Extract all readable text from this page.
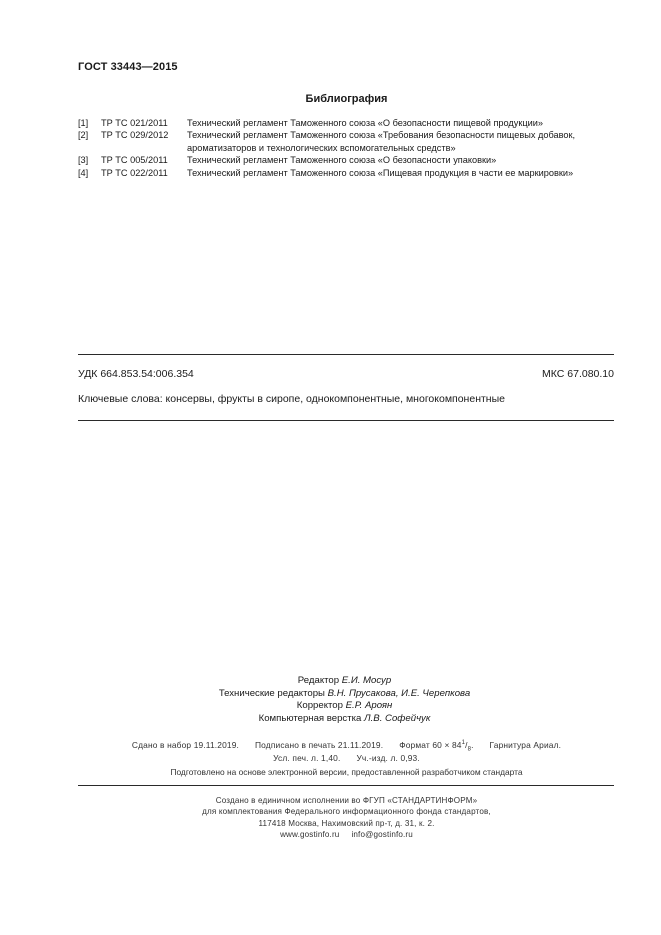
ГОСТ 33443—2015
Библиография
[1]	ТР ТС 021/2011	Технический регламент Таможенного союза «О безопасности пищевой продукции»
[2]	ТР ТС 029/2012	Технический регламент Таможенного союза «Требования безопасности пищевых добавок, ароматизаторов и технологических вспомогательных средств»
[3]	ТР ТС 005/2011	Технический регламент Таможенного союза «О безопасности упаковки»
[4]	ТР ТС 022/2011	Технический регламент Таможенного союза «Пищевая продукция в части ее маркировки»
УДК 664.853.54:006.354	МКС 67.080.10
Ключевые слова: консервы, фрукты в сиропе, однокомпонентные, многокомпонентные
Редактор Е.И. Мосур
Технические редакторы В.Н. Прусакова, И.Е. Черепкова
Корректор Е.Р. Ароян
Компьютерная верстка Л.В. Софейчук
Сдано в набор 19.11.2019. Подписано в печать 21.11.2019. Формат $60 \times 84^1/_8$. Гарнитура Ариал.
Усл. печ. л. 1,40. Уч.-изд. л. 0,93.
Подготовлено на основе электронной версии, предоставленной разработчиком стандарта
Создано в единичном исполнении во ФГУП «СТАНДАРТИНФОРМ»
для комплектования Федерального информационного фонда стандартов,
117418 Москва, Нахимовский пр-т, д. 31, к. 2.
www.gostinfo.ru info@gostinfo.ru
